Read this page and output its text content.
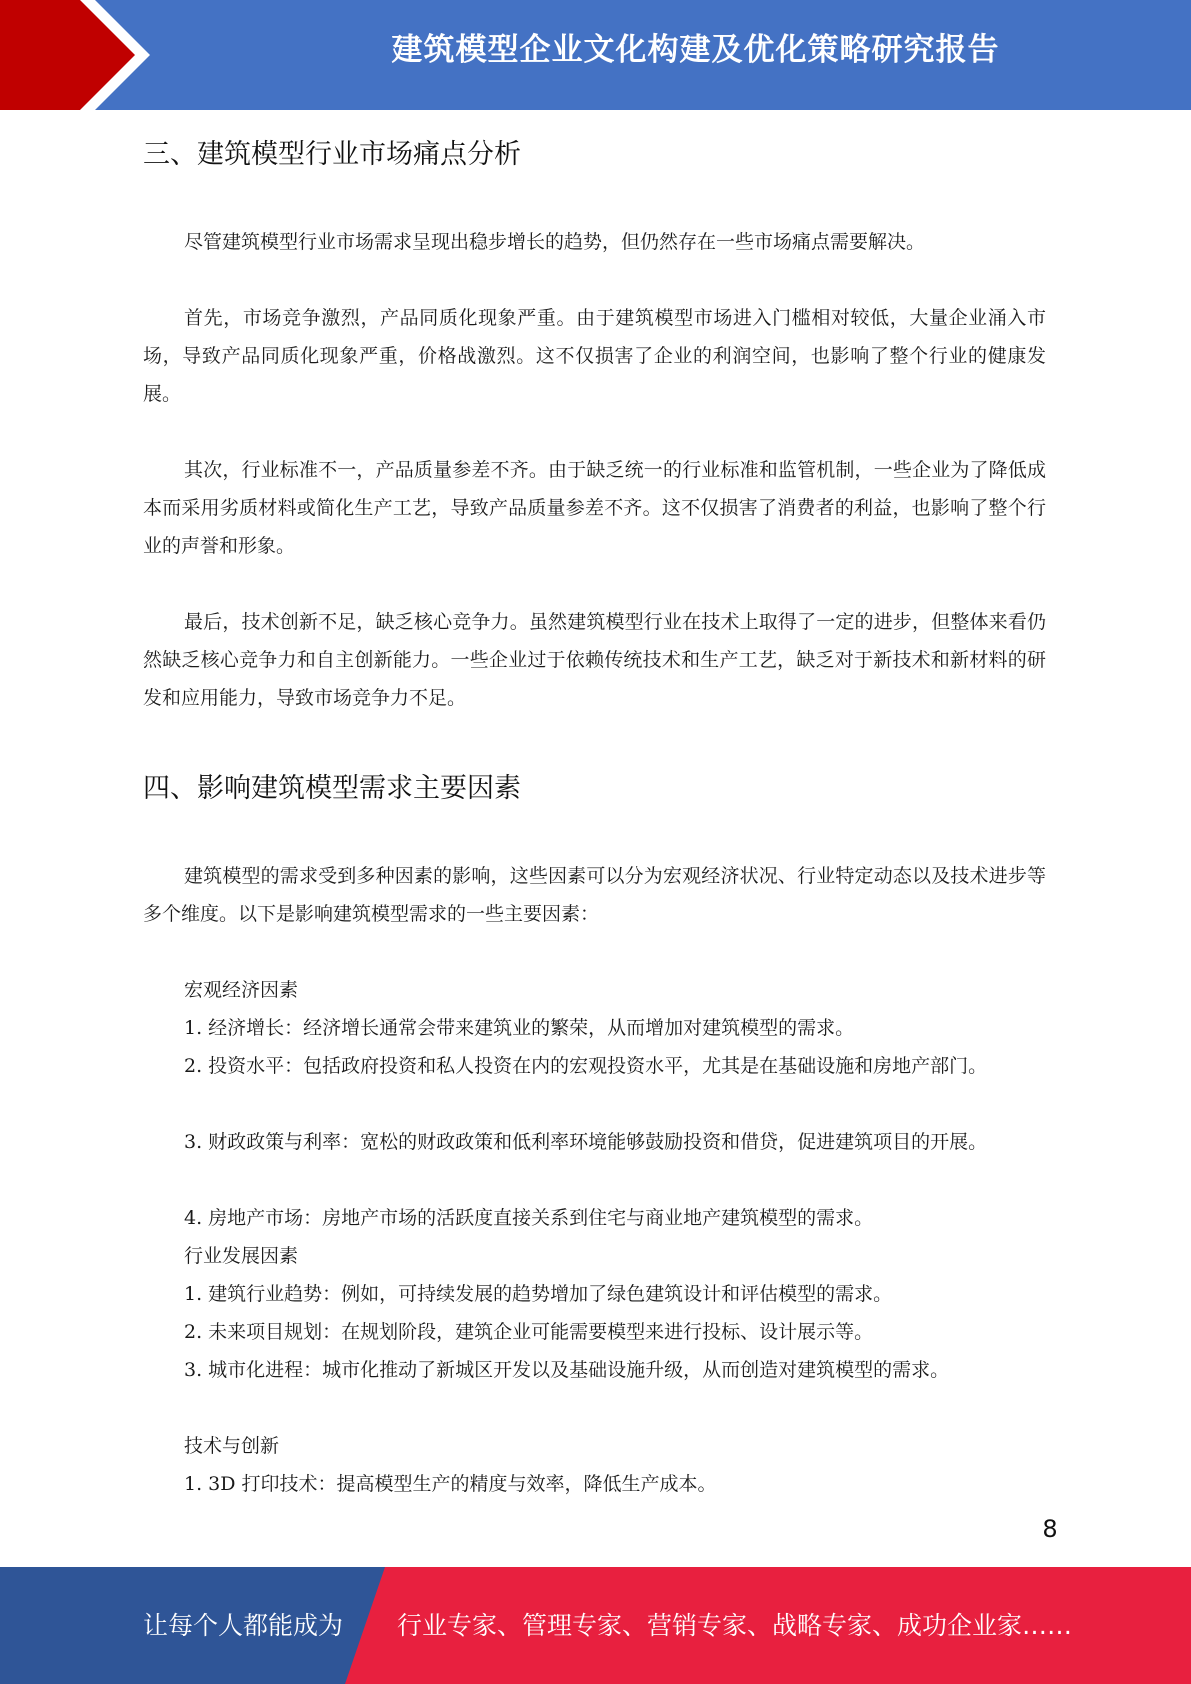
建筑模型企业文化构建及优化策略研究报告
三、建筑模型行业市场痛点分析

尽管建筑模型行业市场需求呈现出稳步增长的趋势，但仍然存在一些市场痛点需要解决。

首先，市场竞争激烈，产品同质化现象严重。由于建筑模型市场进入门槛相对较低，大量企业涌入市场，导致产品同质化现象严重，价格战激烈。这不仅损害了企业的利润空间，也影响了整个行业的健康发展。

其次，行业标准不一，产品质量参差不齐。由于缺乏统一的行业标准和监管机制，一些企业为了降低成本而采用劣质材料或简化生产工艺，导致产品质量参差不齐。这不仅损害了消费者的利益，也影响了整个行业的声誉和形象。

最后，技术创新不足，缺乏核心竞争力。虽然建筑模型行业在技术上取得了一定的进步，但整体来看仍然缺乏核心竞争力和自主创新能力。一些企业过于依赖传统技术和生产工艺，缺乏对于新技术和新材料的研发和应用能力，导致市场竞争力不足。

四、影响建筑模型需求主要因素

建筑模型的需求受到多种因素的影响，这些因素可以分为宏观经济状况、行业特定动态以及技术进步等多个维度。以下是影响建筑模型需求的一些主要因素：

宏观经济因素

1. 经济增长：经济增长通常会带来建筑业的繁荣，从而增加对建筑模型的需求。

2. 投资水平：包括政府投资和私人投资在内的宏观投资水平，尤其是在基础设施和房地产部门。

3. 财政政策与利率：宽松的财政政策和低利率环境能够鼓励投资和借贷，促进建筑项目的开展。

4. 房地产市场：房地产市场的活跃度直接关系到住宅与商业地产建筑模型的需求。

行业发展因素

1. 建筑行业趋势：例如，可持续发展的趋势增加了绿色建筑设计和评估模型的需求。

2. 未来项目规划：在规划阶段，建筑企业可能需要模型来进行投标、设计展示等。

3. 城市化进程：城市化推动了新城区开发以及基础设施升级，从而创造对建筑模型的需求。

技术与创新

1. 3D 打印技术：提高模型生产的精度与效率，降低生产成本。

8
让每个人都能成为 行业专家、管理专家、营销专家、战略专家、成功企业家……
